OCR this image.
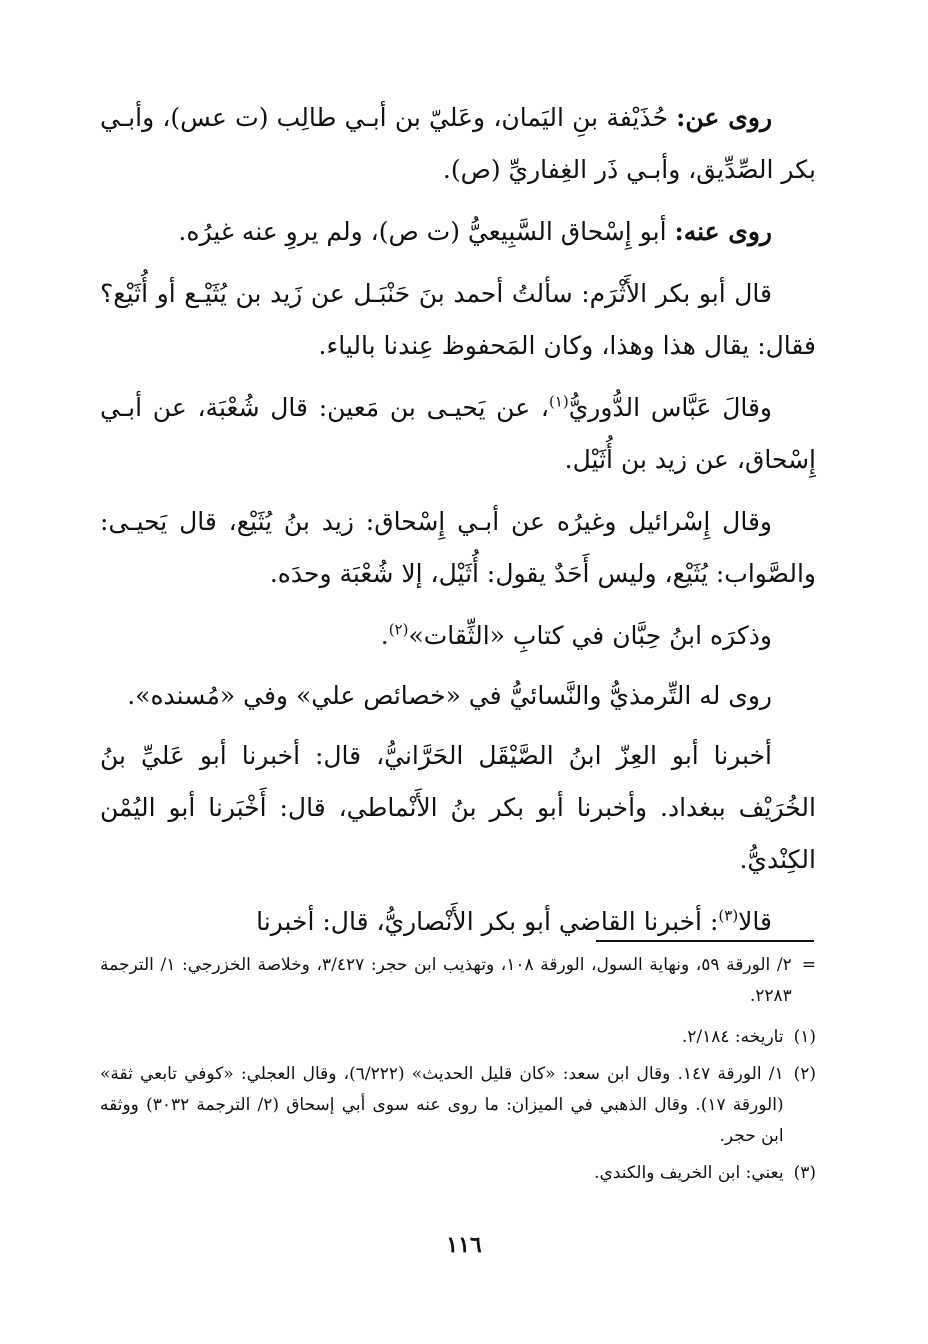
روى عن: حُذَيْفة بنِ اليَمان، وعَليّ بن أبـي طالِب (ت عس)، وأبـي بكر الصِّدِّيق، وأبـي ذَر الغِفاريِّ (ص).

روى عنه: أبو إِسْحاق السَّبِيعيُّ (ت ص)، ولم يروِ عنه غيرُه.

قال أبو بكر الأَثْرَم: سألتُ أحمد بنَ حَنْبَـل عن زَيد بن يُثَيْـع أو أُثَيْع؟ فقال: يقال هذا وهذا، وكان المَحفوظ عِندنا بالياء.

وقالَ عَبَّاس الدُّوريُّ$^{(١)}$، عن يَحيـى بن مَعين: قال شُعْبَة، عن أبـي إِسْحاق، عن زيد بن أُثَيْل.

وقال إِسْرائيل وغيرُه عن أبـي إِسْحاق: زيد بنُ يُثَيْع، قال يَحيـى: والصَّواب: يُثَيْع، وليس أَحَدٌ يقول: أُثَيْل، إلا شُعْبَة وحدَه.

وذكرَه ابنُ حِبَّان في كتابِ «الثِّقات»$^{(٢)}$.

روى له التِّرمذيُّ والنَّسائيُّ في «خصائص علي» وفي «مُسنده».

أخبرنا أبو العِزّ ابنُ الصَّيْقَل الحَرَّانيُّ، قال: أخبرنا أبو عَليِّ بنُ الخُرَيْف ببغداد. وأخبرنا أبو بكر بنُ الأَنْماطي، قال: أَخْبَرنا أبو اليُمْن الكِنْديُّ.

قالا$^{(٣)}$: أخبرنا القاضي أبو بكر الأَنْصاريُّ، قال: أخبرنا

=
٢/ الورقة ٥٩، ونهاية السول، الورقة ١٠٨، وتهذيب ابن حجر: ٣/٤٢٧، وخلاصة الخزرجي: ١/ الترجمة ٢٢٨٣.
(١)
تاريخه: ٢/١٨٤.
(٢)
١/ الورقة ١٤٧. وقال ابن سعد: «كان قليل الحديث» (٦/٢٢٢)، وقال العجلي: «كوفي تابعي ثقة» (الورقة ١٧). وقال الذهبي في الميزان: ما روى عنه سوى أبي إسحاق (٢/ الترجمة ٣٠٣٢) ووثقه ابن حجر.
(٣)
يعني: ابن الخريف والكندي.
١١٦
